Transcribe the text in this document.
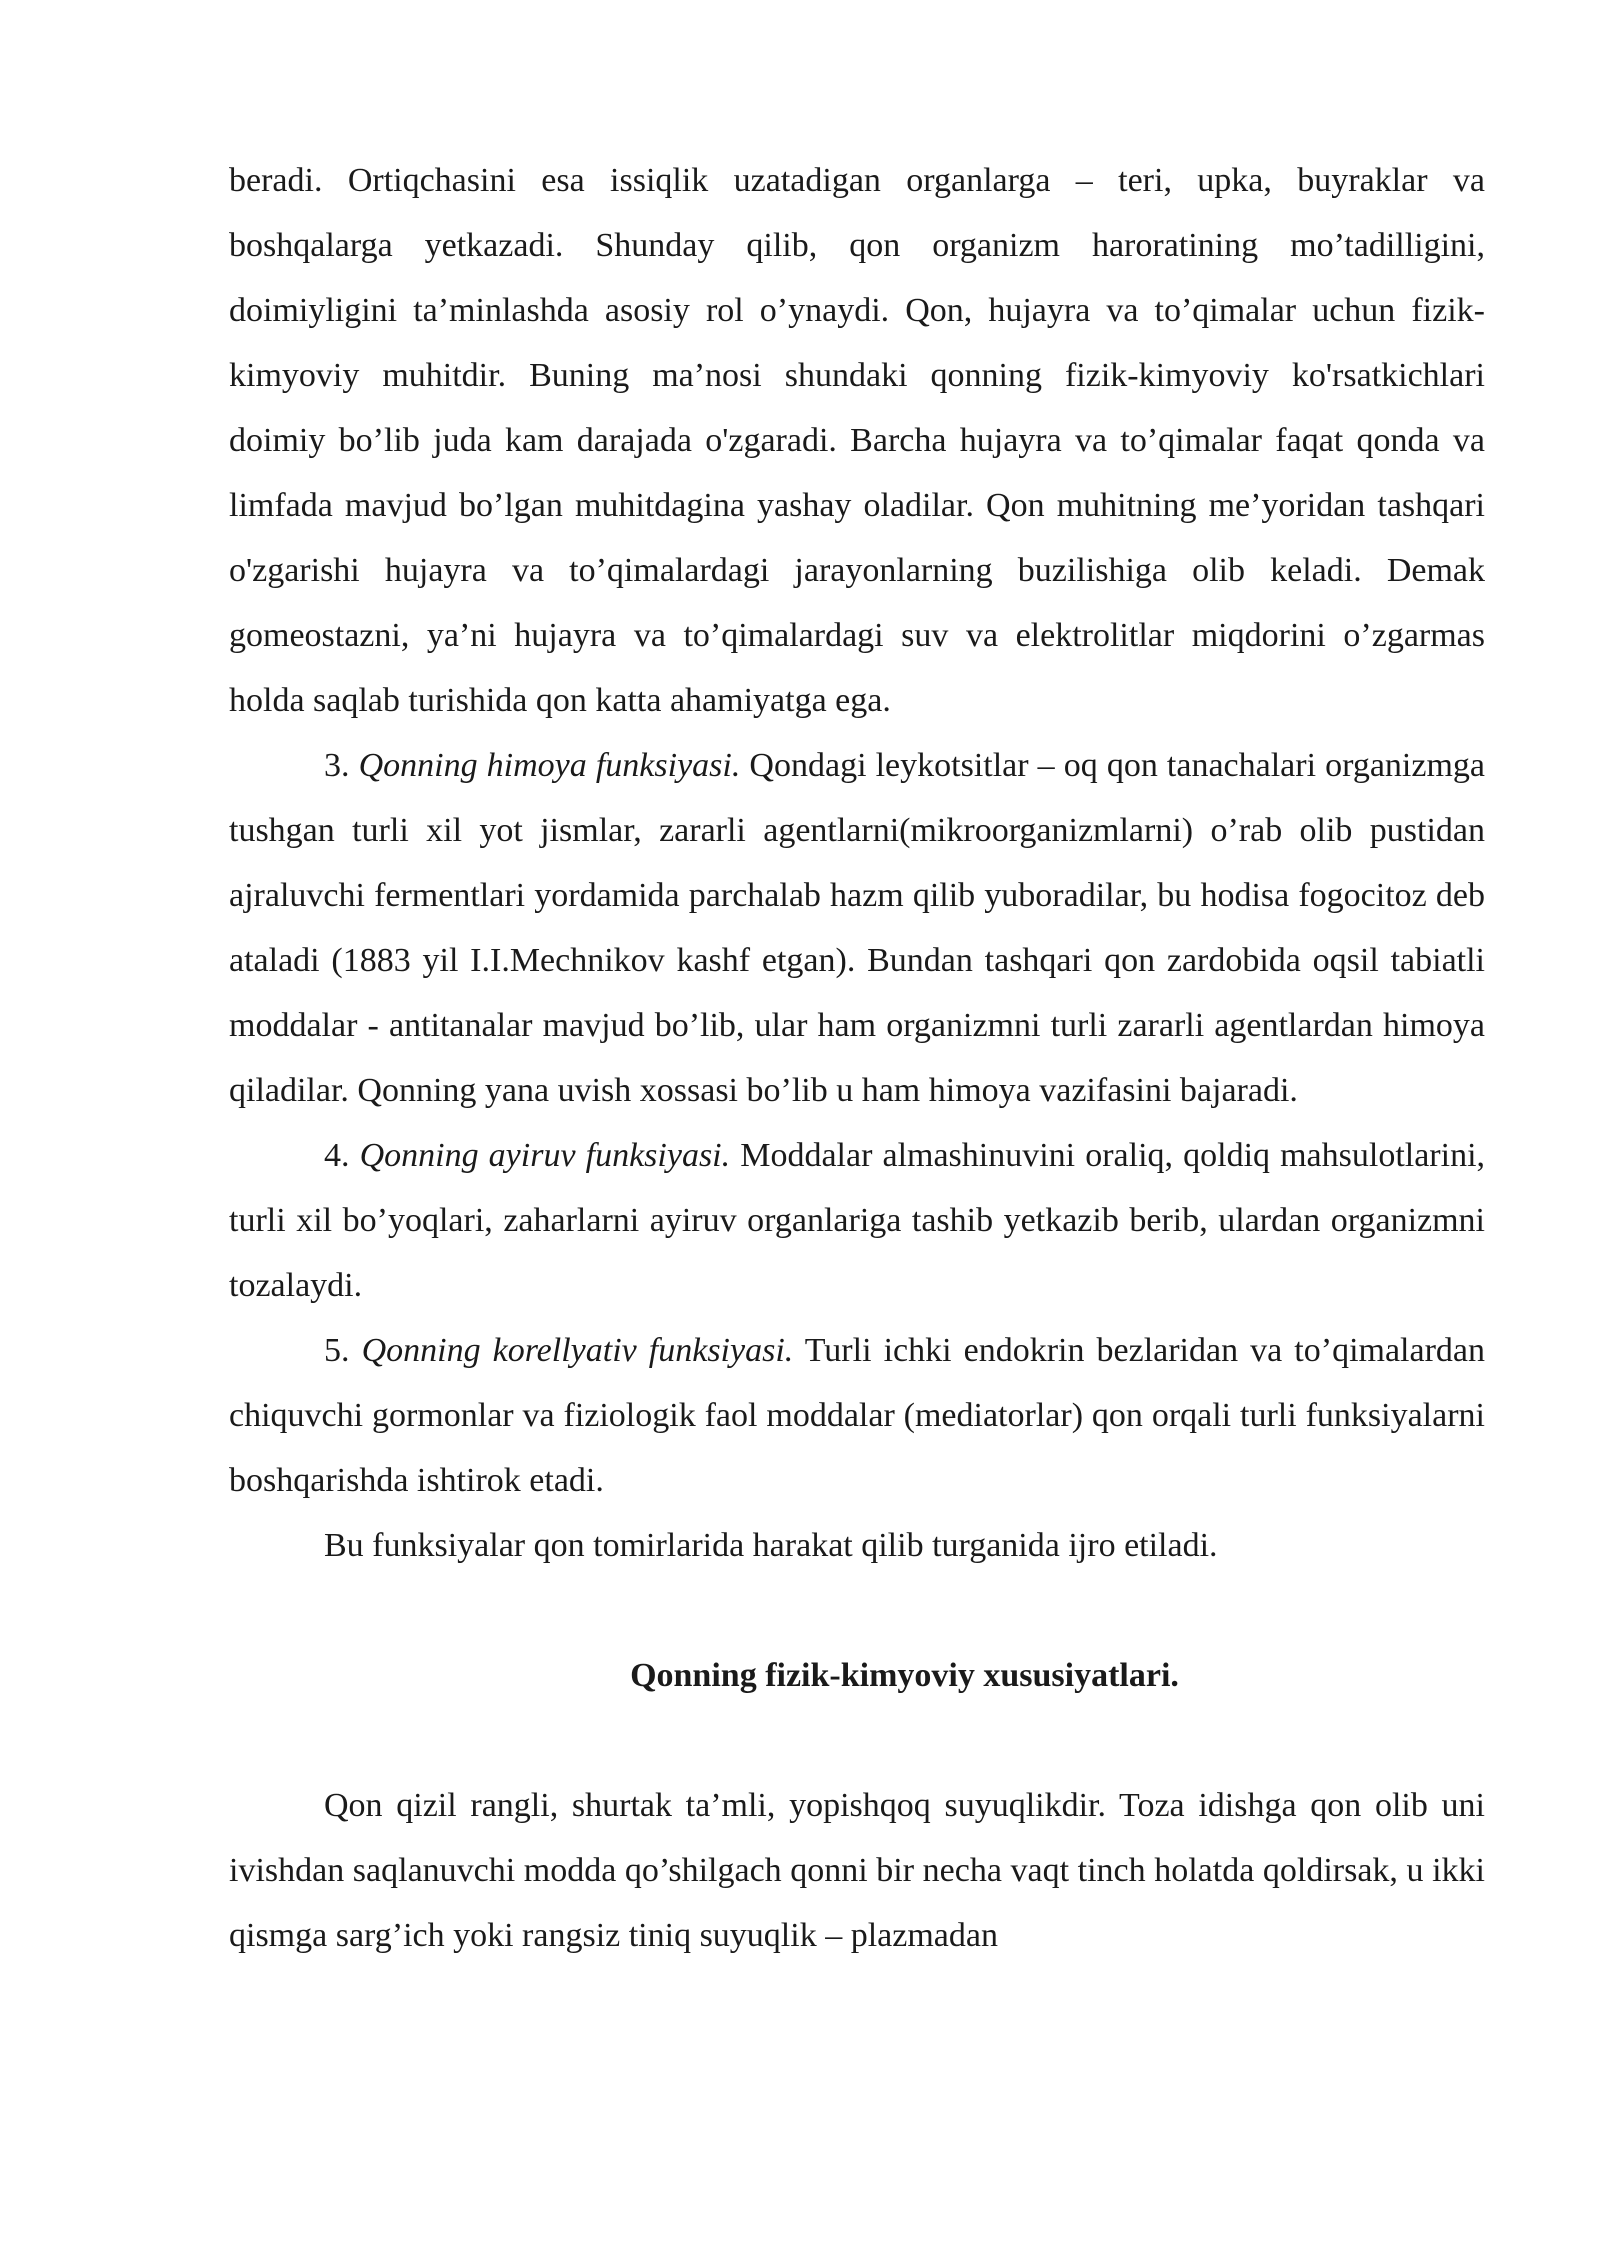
beradi. Ortiqchasini esa issiqlik uzatadigan organlarga – teri, upka, buyraklar va boshqalarga yetkazadi. Shunday qilib, qon organizm haroratining mo’tadilligini, doimiyligini ta’minlashda asosiy rol o’ynaydi. Qon, hujayra va to’qimalar uchun fizik-kimyoviy muhitdir. Buning ma’nosi shundaki qonning fizik-kimyoviy ko'rsatkichlari doimiy bo’lib juda kam darajada o'zgaradi. Barcha hujayra va to’qimalar faqat qonda va limfada mavjud bo’lgan muhitdagina yashay oladilar. Qon muhitning me’yoridan tashqari o'zgarishi hujayra va to’qimalardagi jarayonlarning buzilishiga olib keladi. Demak gomeostazni, ya’ni hujayra va to’qimalardagi suv va elektrolitlar miqdorini o’zgarmas holda saqlab turishida qon katta ahamiyatga ega.

3. Qonning himoya funksiyasi. Qondagi leykotsitlar – oq qon tanachalari organizmga tushgan turli xil yot jismlar, zararli agentlarni(mikroorganizmlarni) o’rab olib pustidan ajraluvchi fermentlari yordamida parchalab hazm qilib yuboradilar, bu hodisa fogocitoz deb ataladi (1883 yil I.I.Mechnikov kashf etgan). Bundan tashqari qon zardobida oqsil tabiatli moddalar - antitanalar mavjud bo’lib, ular ham organizmni turli zararli agentlardan himoya qiladilar. Qonning yana uvish xossasi bo’lib u ham himoya vazifasini bajaradi.

4. Qonning ayiruv funksiyasi. Moddalar almashinuvini oraliq, qoldiq mahsulotlarini, turli xil bo’yoqlari, zaharlarni ayiruv organlariga tashib yetkazib berib, ulardan organizmni tozalaydi.

5. Qonning korellyativ funksiyasi. Turli ichki endokrin bezlaridan va to’qimalardan chiquvchi gormonlar va fiziologik faol moddalar (mediatorlar) qon orqali turli funksiyalarni boshqarishda ishtirok etadi.

Bu funksiyalar qon tomirlarida harakat qilib turganida ijro etiladi.

Qonning fizik-kimyoviy xususiyatlari.

Qon qizil rangli, shurtak ta’mli, yopishqoq suyuqlikdir. Toza idishga qon olib uni ivishdan saqlanuvchi modda qo’shilgach qonni bir necha vaqt tinch holatda qoldirsak, u ikki qismga sarg’ich yoki rangsiz tiniq suyuqlik – plazmadan
